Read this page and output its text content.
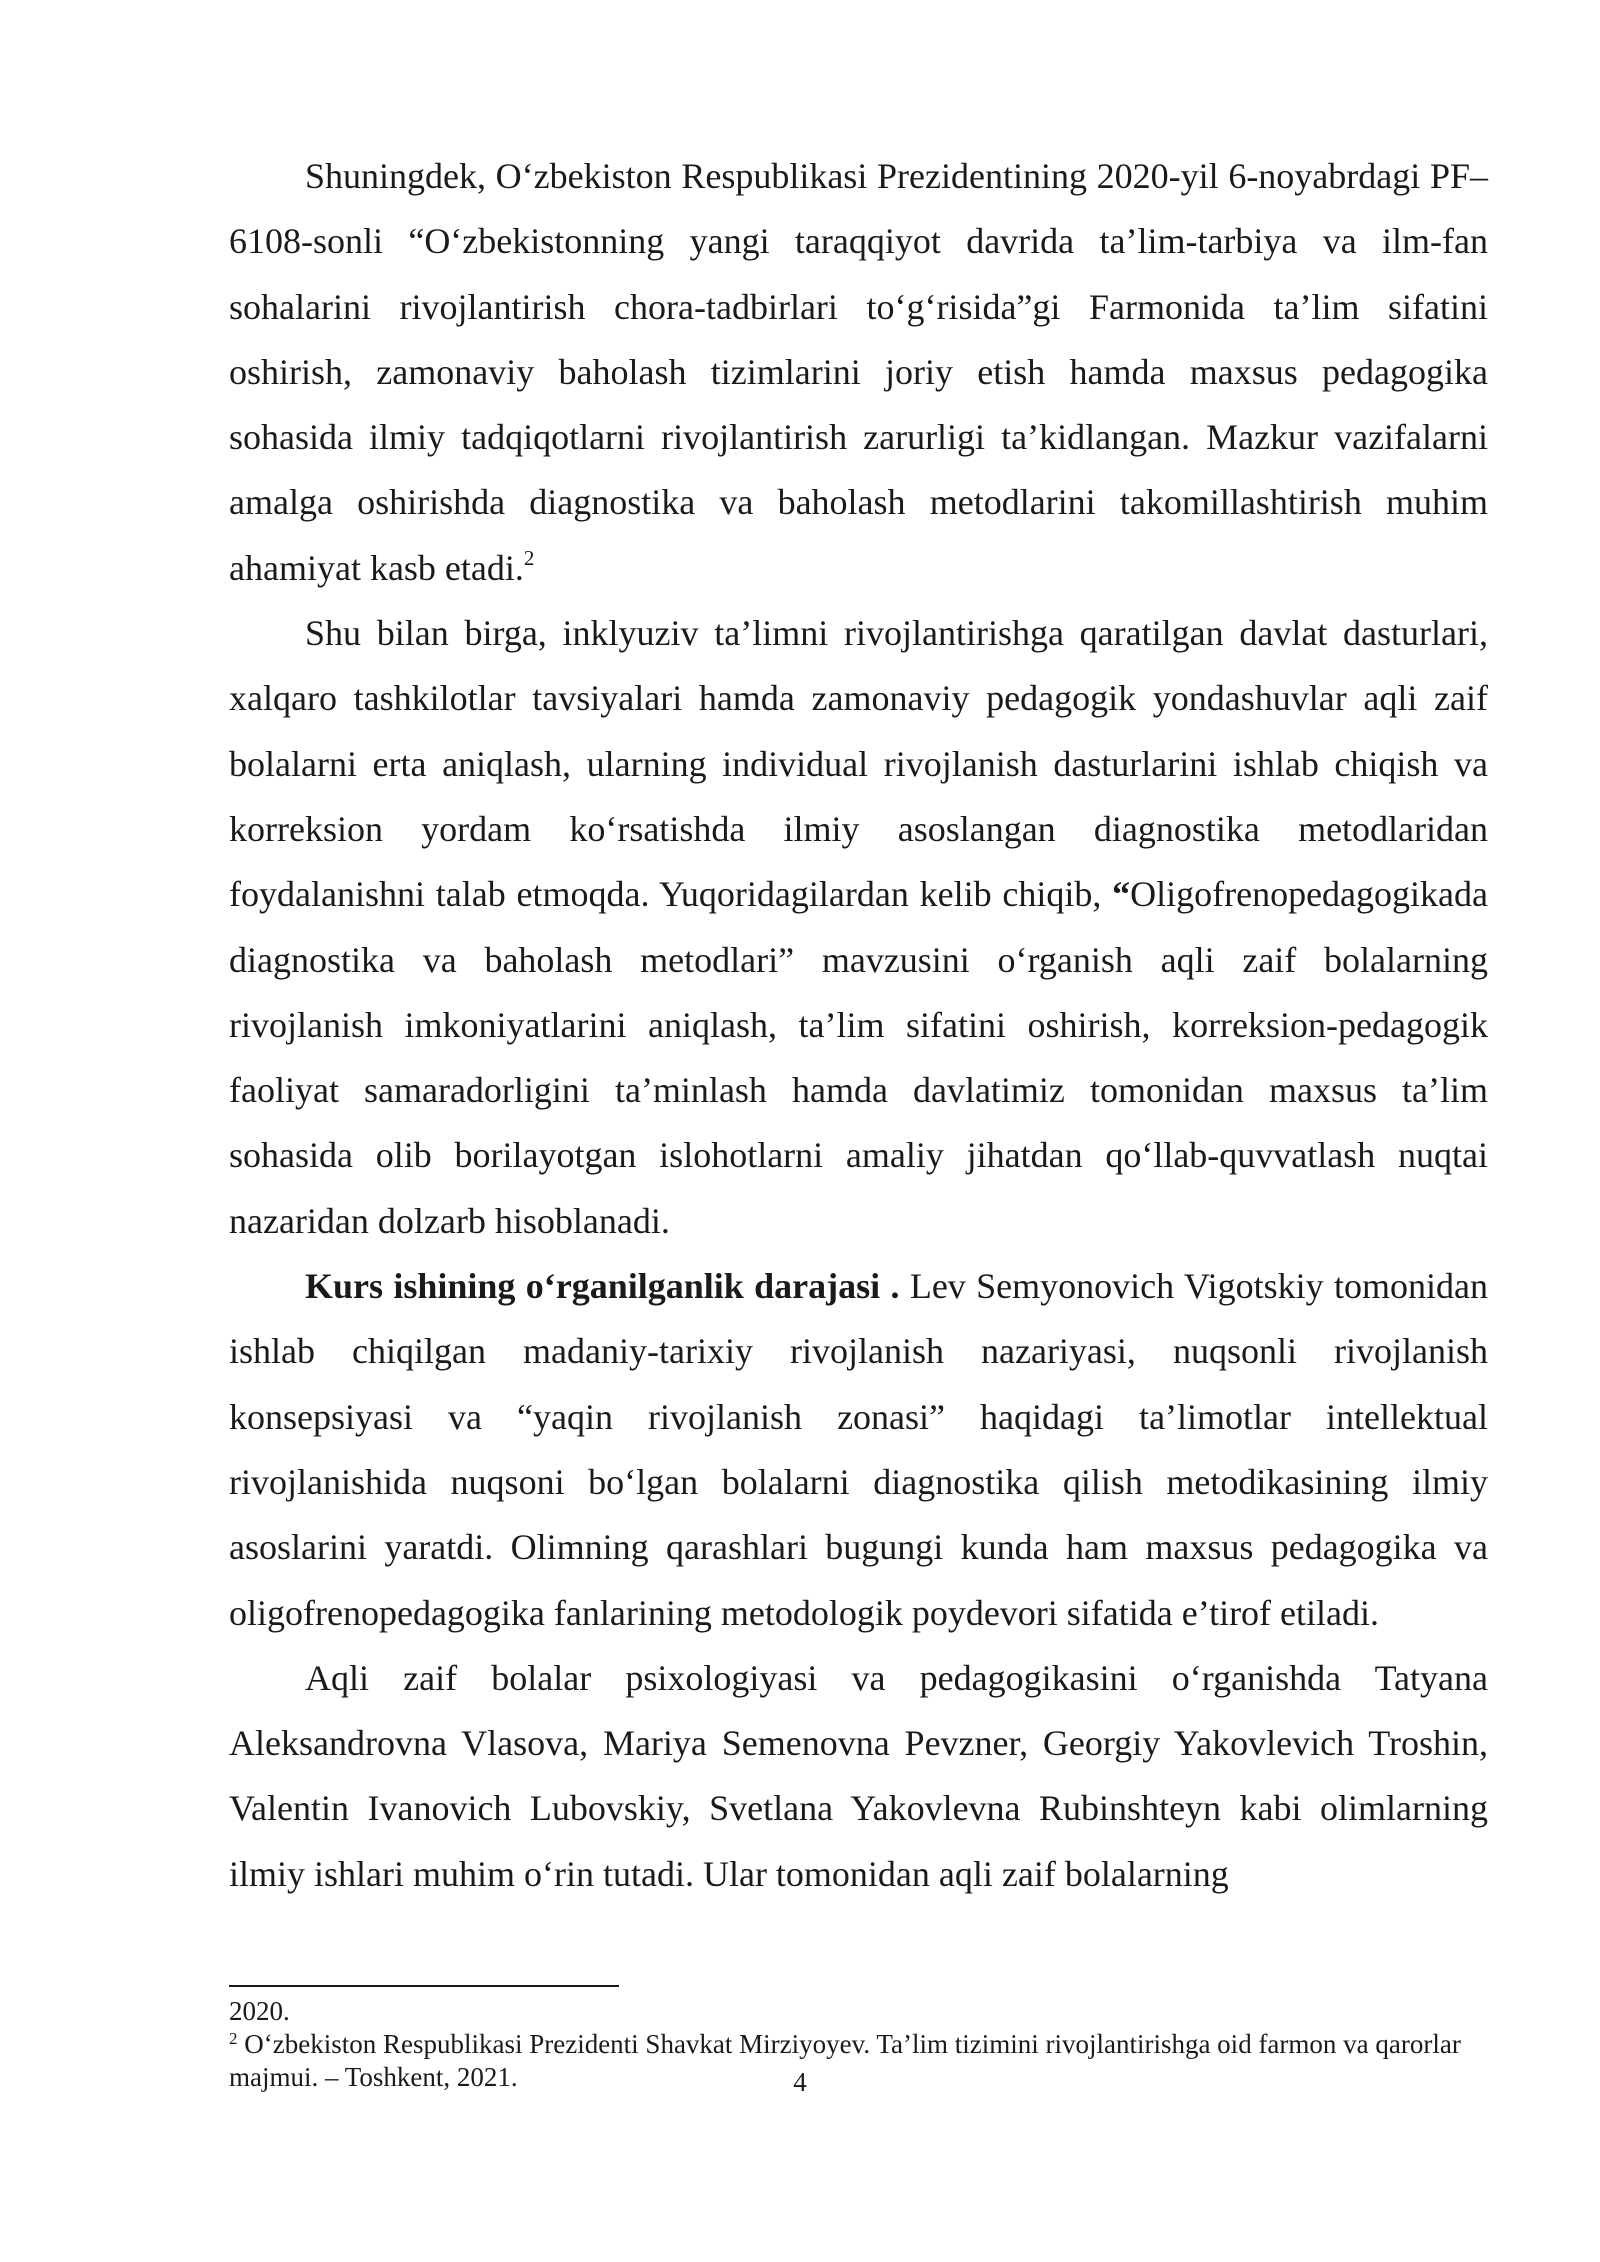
Shuningdek, O‘zbekiston Respublikasi Prezidentining 2020-yil 6-noyabrdagi PF–6108-sonli “O‘zbekistonning yangi taraqqiyot davrida ta’lim-tarbiya va ilm-fan sohalarini rivojlantirish chora-tadbirlari to‘g‘risida”gi Farmonida ta’lim sifatini oshirish, zamonaviy baholash tizimlarini joriy etish hamda maxsus pedagogika sohasida ilmiy tadqiqotlarni rivojlantirish zarurligi ta’kidlangan. Mazkur vazifalarni amalga oshirishda diagnostika va baholash metodlarini takomillashtirish muhim ahamiyat kasb etadi.$^2$

Shu bilan birga, inklyuziv ta’limni rivojlantirishga qaratilgan davlat dasturlari, xalqaro tashkilotlar tavsiyalari hamda zamonaviy pedagogik yondashuvlar aqli zaif bolalarni erta aniqlash, ularning individual rivojlanish dasturlarini ishlab chiqish va korreksion yordam ko‘rsatishda ilmiy asoslangan diagnostika metodlaridan foydalanishni talab etmoqda. Yuqoridagilardan kelib chiqib, “Oligofrenopedagogikada diagnostika va baholash metodlari” mavzusini o‘rganish aqli zaif bolalarning rivojlanish imkoniyatlarini aniqlash, ta’lim sifatini oshirish, korreksion-pedagogik faoliyat samaradorligini ta’minlash hamda davlatimiz tomonidan maxsus ta’lim sohasida olib borilayotgan islohotlarni amaliy jihatdan qo‘llab-quvvatlash nuqtai nazaridan dolzarb hisoblanadi.

Kurs ishining o‘rganilganlik darajasi . Lev Semyonovich Vigotskiy tomonidan ishlab chiqilgan madaniy-tarixiy rivojlanish nazariyasi, nuqsonli rivojlanish konsepsiyasi va “yaqin rivojlanish zonasi” haqidagi ta’limotlar intellektual rivojlanishida nuqsoni bo‘lgan bolalarni diagnostika qilish metodikasining ilmiy asoslarini yaratdi. Olimning qarashlari bugungi kunda ham maxsus pedagogika va oligofrenopedagogika fanlarining metodologik poydevori sifatida e’tirof etiladi.

Aqli zaif bolalar psixologiyasi va pedagogikasini o‘rganishda Tatyana Aleksandrovna Vlasova, Mariya Semenovna Pevzner, Georgiy Yakovlevich Troshin, Valentin Ivanovich Lubovskiy, Svetlana Yakovlevna Rubinshteyn kabi olimlarning ilmiy ishlari muhim o‘rin tutadi. Ular tomonidan aqli zaif bolalarning

2020.

$^2$ O‘zbekiston Respublikasi Prezidenti Shavkat Mirziyoyev. Ta’lim tizimini rivojlantirishga oid farmon va qarorlar majmui. – Toshkent, 2021.	4
